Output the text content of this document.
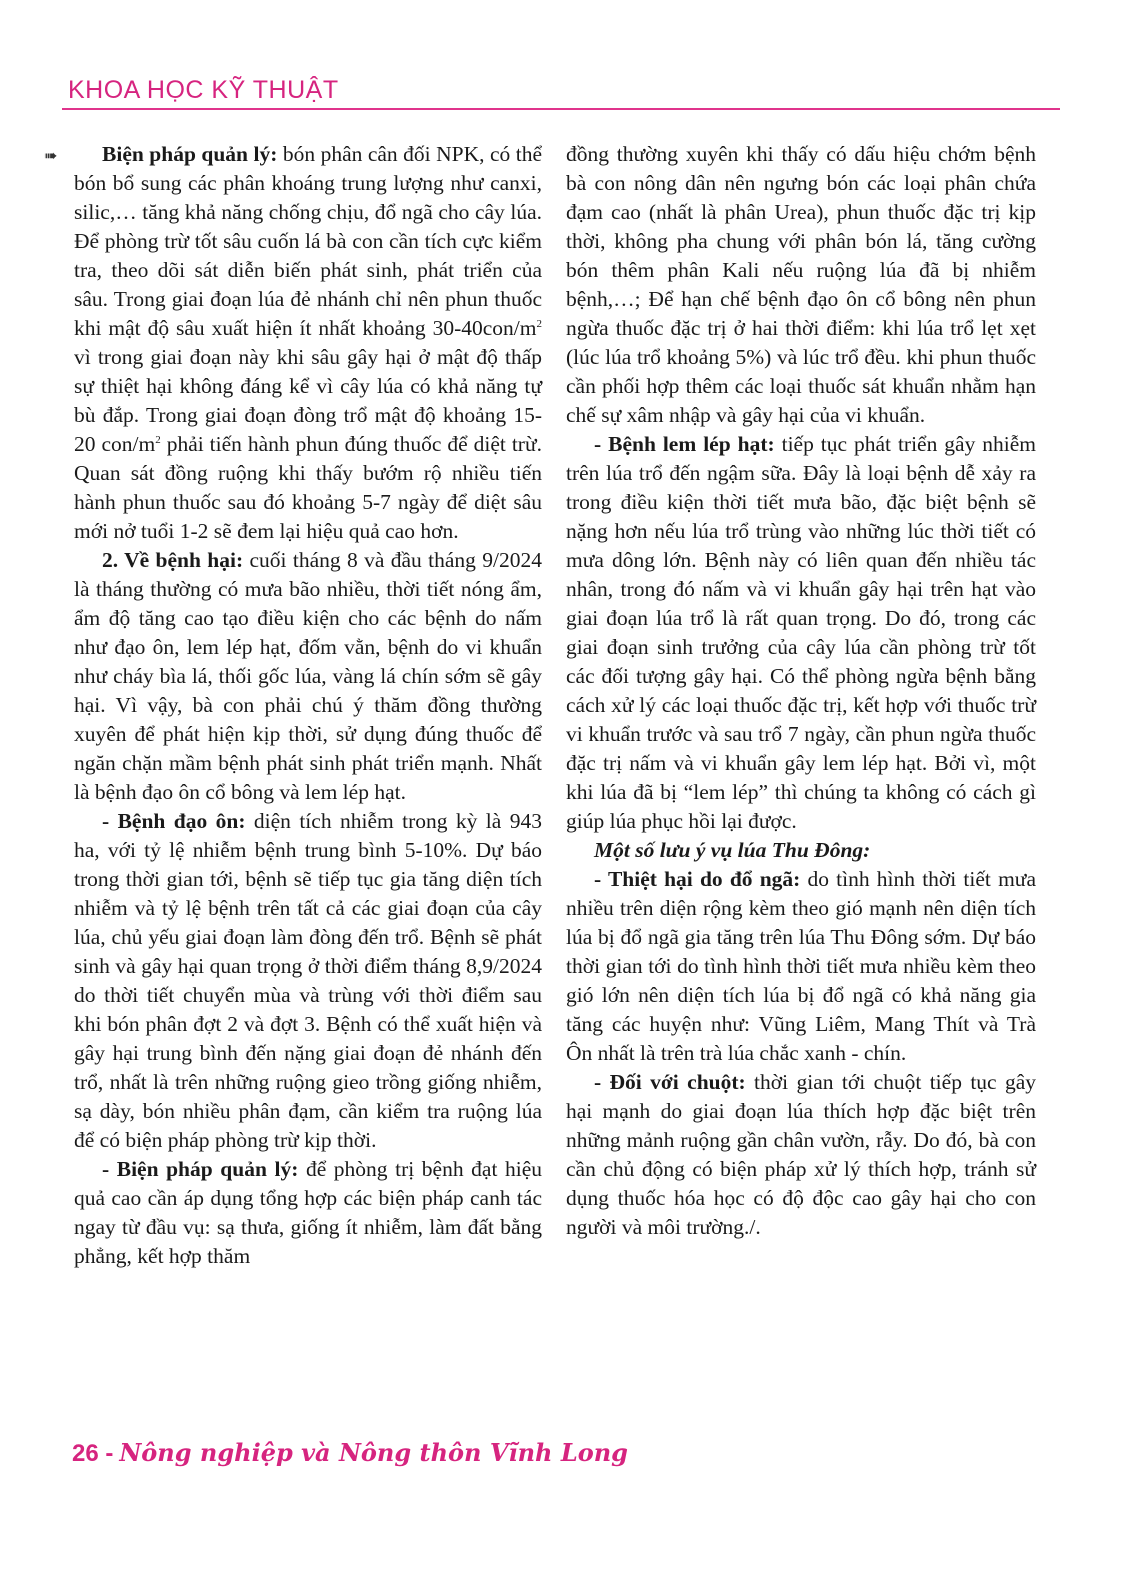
KHOA HỌC KỸ THUẬT
➠	Biện pháp quản lý: bón phân cân đối NPK, có thể bón bổ sung các phân khoáng trung lượng như canxi, silic,… tăng khả năng chống chịu, đổ ngã cho cây lúa. Để phòng trừ tốt sâu cuốn lá bà con cần tích cực kiểm tra, theo dõi sát diễn biến phát sinh, phát triển của sâu. Trong giai đoạn lúa đẻ nhánh chỉ nên phun thuốc khi mật độ sâu xuất hiện ít nhất khoảng $30-40con/m^2$ vì trong giai đoạn này khi sâu gây hại ở mật độ thấp sự thiệt hại không đáng kể vì cây lúa có khả năng tự bù đắp. Trong giai đoạn đòng trổ mật độ khoảng 15-20 con/$m^2$ phải tiến hành phun đúng thuốc để diệt trừ. Quan sát đồng ruộng khi thấy bướm rộ nhiều tiến hành phun thuốc sau đó khoảng 5-7 ngày để diệt sâu mới nở tuổi 1-2 sẽ đem lại hiệu quả cao hơn.

2. Về bệnh hại: cuối tháng 8 và đầu tháng 9/2024 là tháng thường có mưa bão nhiều, thời tiết nóng ẩm, ẩm độ tăng cao tạo điều kiện cho các bệnh do nấm như đạo ôn, lem lép hạt, đốm vằn, bệnh do vi khuẩn như cháy bìa lá, thối gốc lúa, vàng lá chín sớm sẽ gây hại. Vì vậy, bà con phải chú ý thăm đồng thường xuyên để phát hiện kịp thời, sử dụng đúng thuốc để ngăn chặn mầm bệnh phát sinh phát triển mạnh. Nhất là bệnh đạo ôn cổ bông và lem lép hạt.

- Bệnh đạo ôn: diện tích nhiễm trong kỳ là 943 ha, với tỷ lệ nhiễm bệnh trung bình 5-10%. Dự báo trong thời gian tới, bệnh sẽ tiếp tục gia tăng diện tích nhiễm và tỷ lệ bệnh trên tất cả các giai đoạn của cây lúa, chủ yếu giai đoạn làm đòng đến trổ. Bệnh sẽ phát sinh và gây hại quan trọng ở thời điểm tháng 8,9/2024 do thời tiết chuyển mùa và trùng với thời điểm sau khi bón phân đợt 2 và đợt 3. Bệnh có thể xuất hiện và gây hại trung bình đến nặng giai đoạn đẻ nhánh đến trổ, nhất là trên những ruộng gieo trồng giống nhiễm, sạ dày, bón nhiều phân đạm, cần kiểm tra ruộng lúa để có biện pháp phòng trừ kịp thời.

- Biện pháp quản lý: để phòng trị bệnh đạt hiệu quả cao cần áp dụng tổng hợp các biện pháp canh tác ngay từ đầu vụ: sạ thưa, giống ít nhiễm, làm đất bằng phẳng, kết hợp thăm

đồng thường xuyên khi thấy có dấu hiệu chớm bệnh bà con nông dân nên ngưng bón các loại phân chứa đạm cao (nhất là phân Urea), phun thuốc đặc trị kịp thời, không pha chung với phân bón lá, tăng cường bón thêm phân Kali nếu ruộng lúa đã bị nhiễm bệnh,…; Để hạn chế bệnh đạo ôn cổ bông nên phun ngừa thuốc đặc trị ở hai thời điểm: khi lúa trổ lẹt xẹt (lúc lúa trổ khoảng 5%) và lúc trổ đều. khi phun thuốc cần phối hợp thêm các loại thuốc sát khuẩn nhằm hạn chế sự xâm nhập và gây hại của vi khuẩn.

- Bệnh lem lép hạt: tiếp tục phát triển gây nhiễm trên lúa trổ đến ngậm sữa. Đây là loại bệnh dễ xảy ra trong điều kiện thời tiết mưa bão, đặc biệt bệnh sẽ nặng hơn nếu lúa trổ trùng vào những lúc thời tiết có mưa dông lớn. Bệnh này có liên quan đến nhiều tác nhân, trong đó nấm và vi khuẩn gây hại trên hạt vào giai đoạn lúa trổ là rất quan trọng. Do đó, trong các giai đoạn sinh trưởng của cây lúa cần phòng trừ tốt các đối tượng gây hại. Có thể phòng ngừa bệnh bằng cách xử lý các loại thuốc đặc trị, kết hợp với thuốc trừ vi khuẩn trước và sau trổ 7 ngày, cần phun ngừa thuốc đặc trị nấm và vi khuẩn gây lem lép hạt. Bởi vì, một khi lúa đã bị “lem lép” thì chúng ta không có cách gì giúp lúa phục hồi lại được.

Một số lưu ý vụ lúa Thu Đông:

- Thiệt hại do đổ ngã: do tình hình thời tiết mưa nhiều trên diện rộng kèm theo gió mạnh nên diện tích lúa bị đổ ngã gia tăng trên lúa Thu Đông sớm. Dự báo thời gian tới do tình hình thời tiết mưa nhiều kèm theo gió lớn nên diện tích lúa bị đổ ngã có khả năng gia tăng các huyện như: Vũng Liêm, Mang Thít và Trà Ôn nhất là trên trà lúa chắc xanh - chín.

- Đối với chuột: thời gian tới chuột tiếp tục gây hại mạnh do giai đoạn lúa thích hợp đặc biệt trên những mảnh ruộng gần chân vườn, rẫy. Do đó, bà con cần chủ động có biện pháp xử lý thích hợp, tránh sử dụng thuốc hóa học có độ độc cao gây hại cho con người và môi trường./.

26 - Nông nghiệp và Nông thôn Vĩnh Long
